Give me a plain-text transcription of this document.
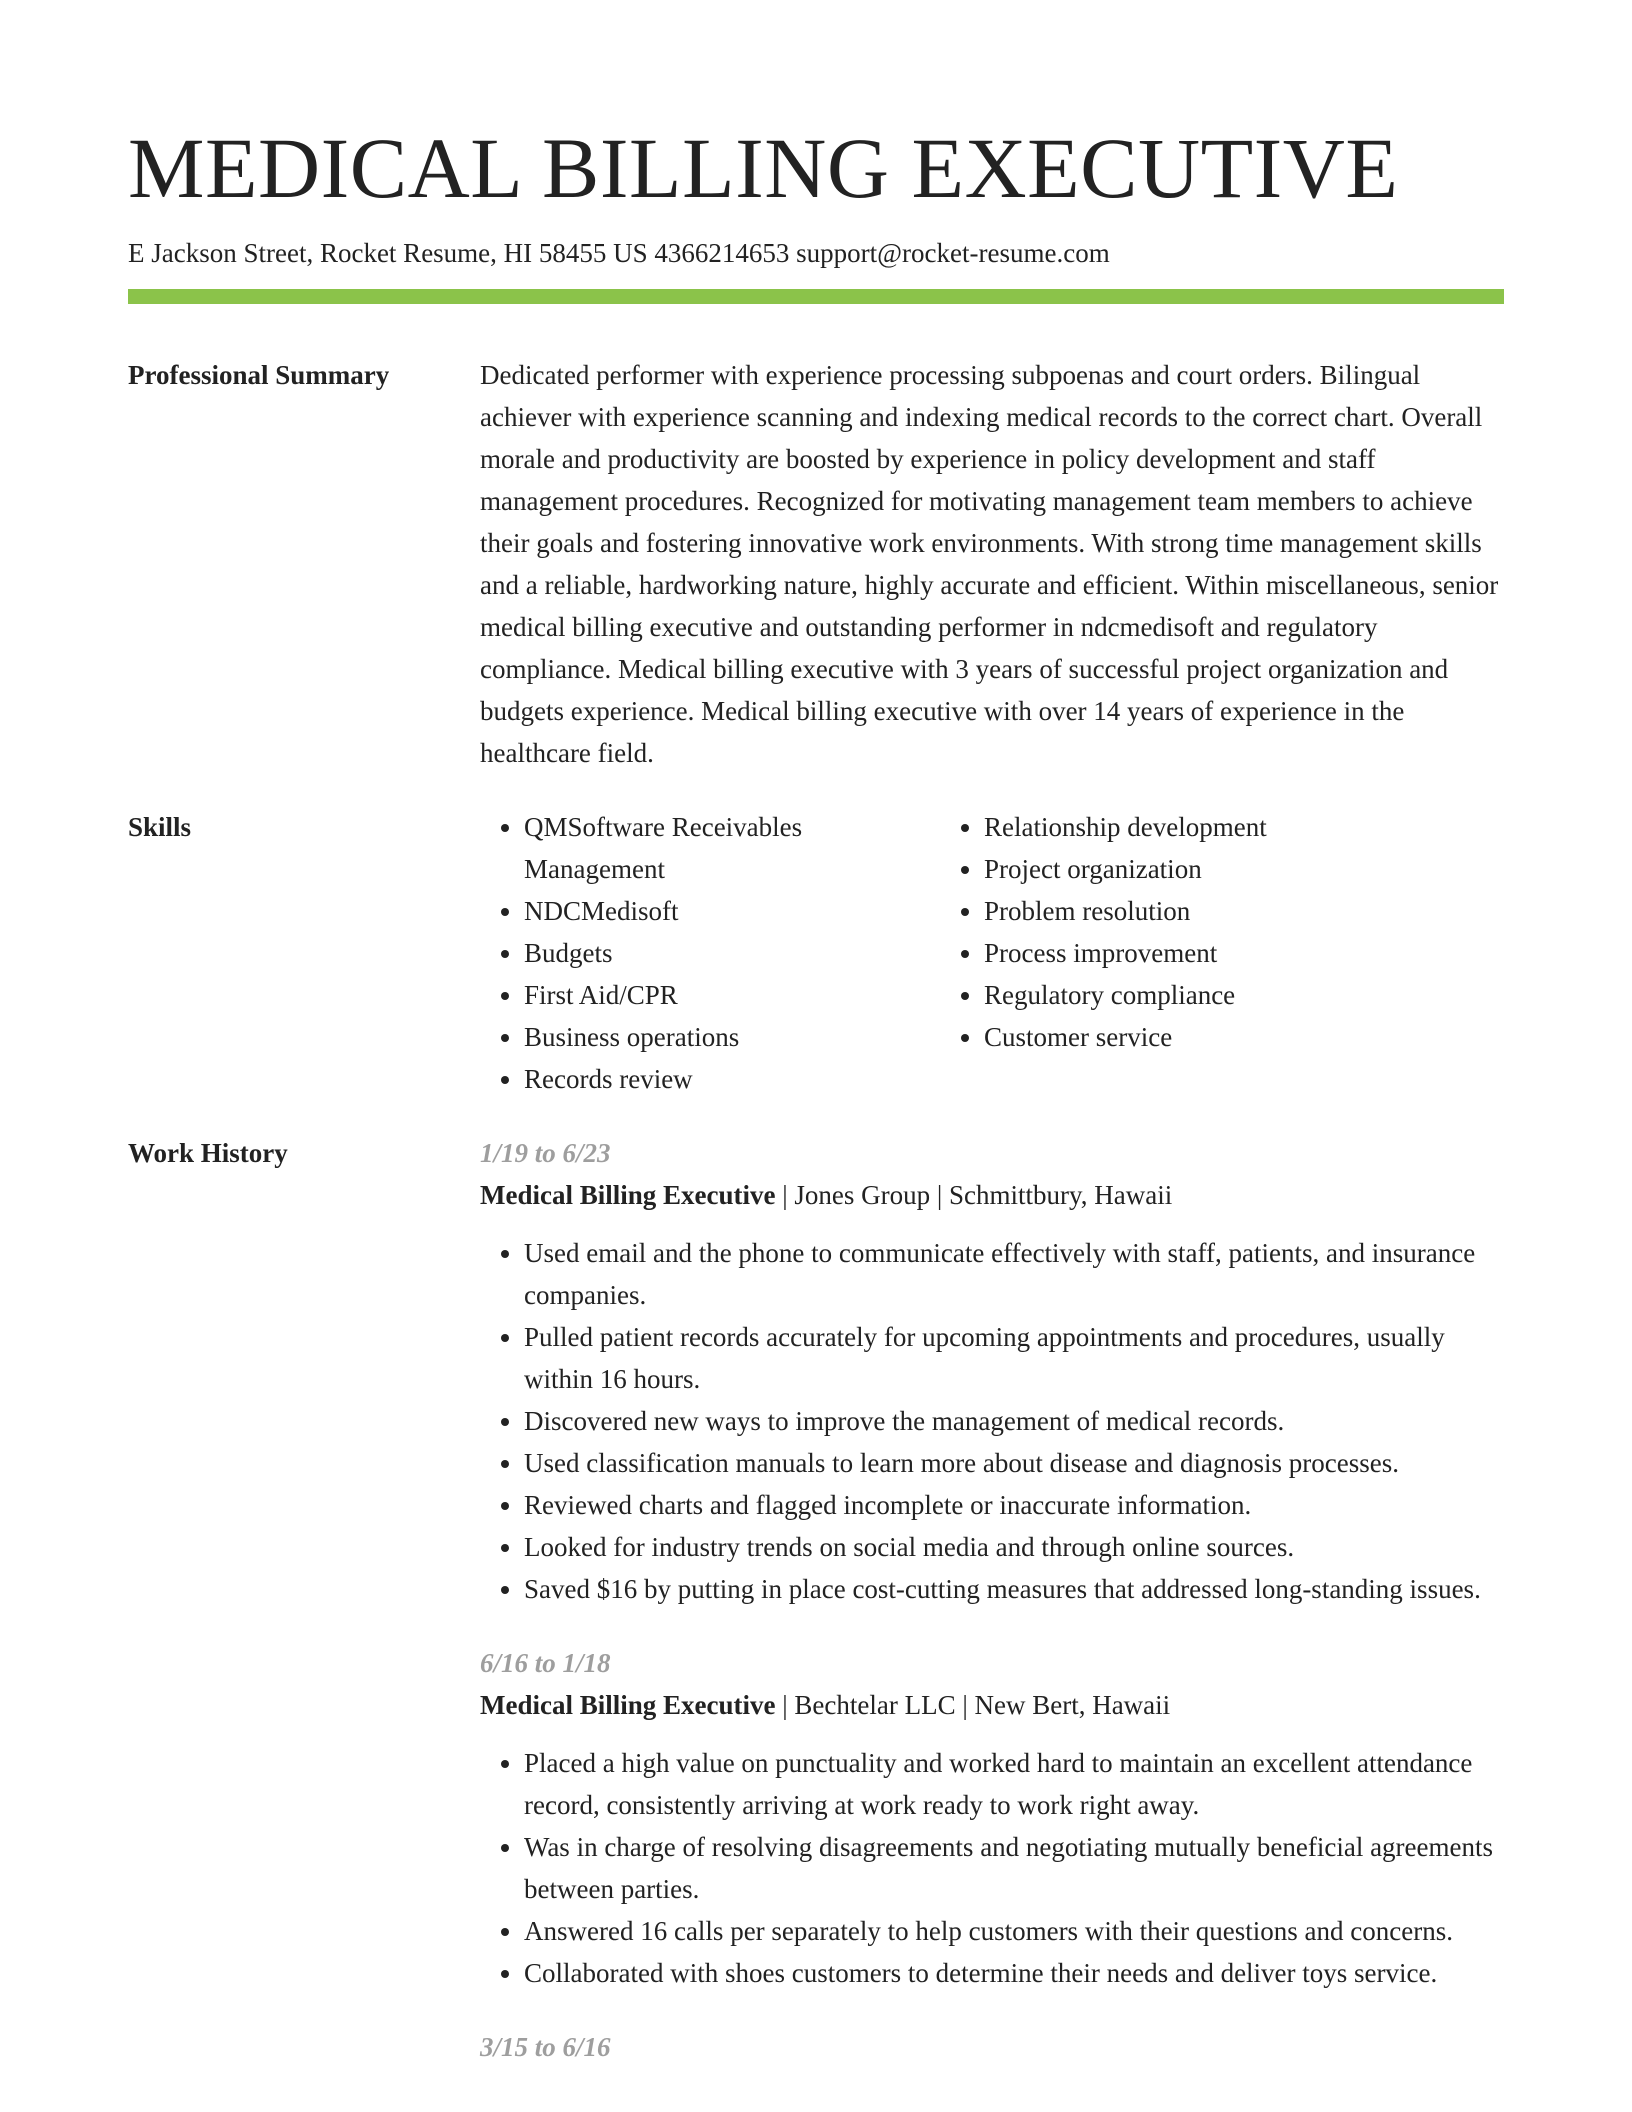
MEDICAL BILLING EXECUTIVE
E Jackson Street, Rocket Resume, HI 58455 US 4366214653 support@rocket-resume.com
Professional Summary	Dedicated performer with experience processing subpoenas and court orders. Bilingual achiever with experience scanning and indexing medical records to the correct chart. Overall morale and productivity are boosted by experience in policy development and staff management procedures. Recognized for motivating management team members to achieve their goals and fostering innovative work environments. With strong time management skills and a reliable, hardworking nature, highly accurate and efficient. Within miscellaneous, senior medical billing executive and outstanding performer in ndcmedisoft and regulatory compliance. Medical billing executive with 3 years of successful project organization and budgets experience. Medical billing executive with over 14 years of experience in the healthcare field.

Skills
•	QMSoftware Receivables Management
• NDCMedisoft
• Budgets
• First Aid/CPR
• Business operations
• Records review
• Relationship development
• Project organization
• Problem resolution
• Process improvement
• Regulatory compliance
• Customer service
Work History	1/19 to 6/23
Medical Billing Executive | Jones Group | Schmittbury, Hawaii
• Used email and the phone to communicate effectively with staff, patients, and insurance companies.
• Pulled patient records accurately for upcoming appointments and procedures, usually within 16 hours.
• Discovered new ways to improve the management of medical records.
• Used classification manuals to learn more about disease and diagnosis processes.
• Reviewed charts and flagged incomplete or inaccurate information.
• Looked for industry trends on social media and through online sources.
• Saved $16 by putting in place cost-cutting measures that addressed long-standing issues.
6/16 to 1/18
Medical Billing Executive | Bechtelar LLC | New Bert, Hawaii
• Placed a high value on punctuality and worked hard to maintain an excellent attendance record, consistently arriving at work ready to work right away.
• Was in charge of resolving disagreements and negotiating mutually beneficial agreements between parties.
• Answered 16 calls per separately to help customers with their questions and concerns.
• Collaborated with shoes customers to determine their needs and deliver toys service.
3/15 to 6/16
